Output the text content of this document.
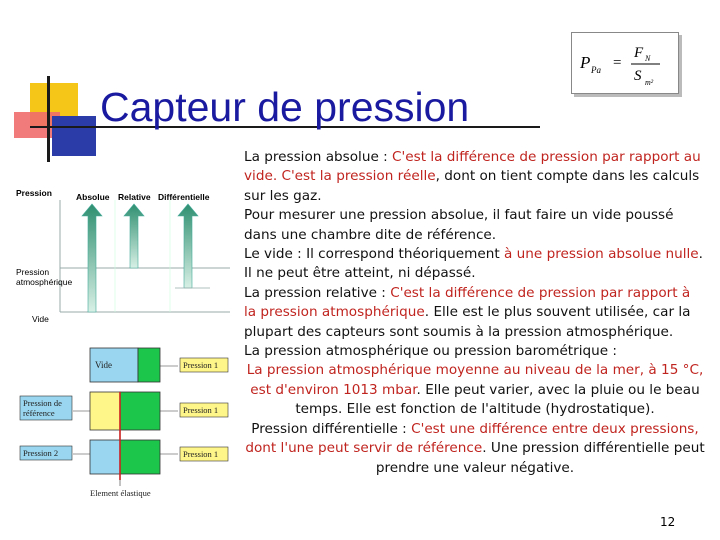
Capteur de pression
P Pa =
F N
S m²
Pression	Absolue Relative Différentielle
Pression
atmosphérique
Vide
Vide	Pression 1
Pression de
référence	Pression 1
Pression 2	Pression 1
Element élastique

La pression absolue : C'est la différence de pression par rapport au vide. C'est la pression réelle, dont on tient compte dans les calculs sur les gaz.

Pour mesurer une pression absolue, il faut faire un vide poussé dans une chambre dite de référence.

Le vide : Il correspond théoriquement à une pression absolue nulle. Il ne peut être atteint, ni dépassé.

La pression relative : C'est la différence de pression par rapport à la pression atmosphérique. Elle est le plus souvent utilisée, car la plupart des capteurs sont soumis à la pression atmosphérique.

La pression atmosphérique ou pression barométrique :

La pression atmosphérique moyenne au niveau de la mer, à 15 °C, est d'environ 1013 mbar. Elle peut varier, avec la pluie ou le beau temps. Elle est fonction de l'altitude (hydrostatique).

Pression différentielle : C'est une différence entre deux pressions, dont l'une peut servir de référence. Une pression différentielle peut prendre une valeur négative.

12
